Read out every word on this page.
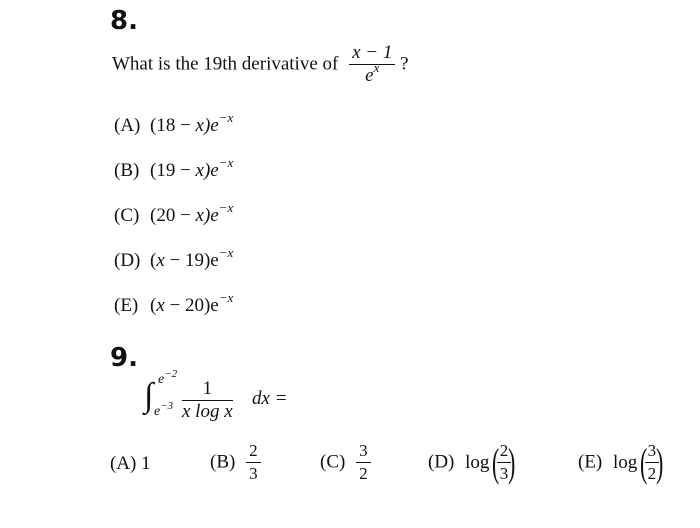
8.
What is the 19th derivative of $\frac{x - 1}{e^x}$ ?
(A) $(18 - x)e^{-x}$
(B) $(19 - x)e^{-x}$
(C) $(20 - x)e^{-x}$
(D) $(x - 19)e^{-x}$
(E) $(x - 20)e^{-x}$
9.
∫ $e^{-2}$
$e^{-3} \frac{1}{\text{x log x}}$ dx =
(A) 1	$(B) \frac{2}{3}$	$(C) \frac{3}{2}$	(D) log(
$\frac{2}{3}$
)	(E) log(
$\frac{3}{2}$
)
